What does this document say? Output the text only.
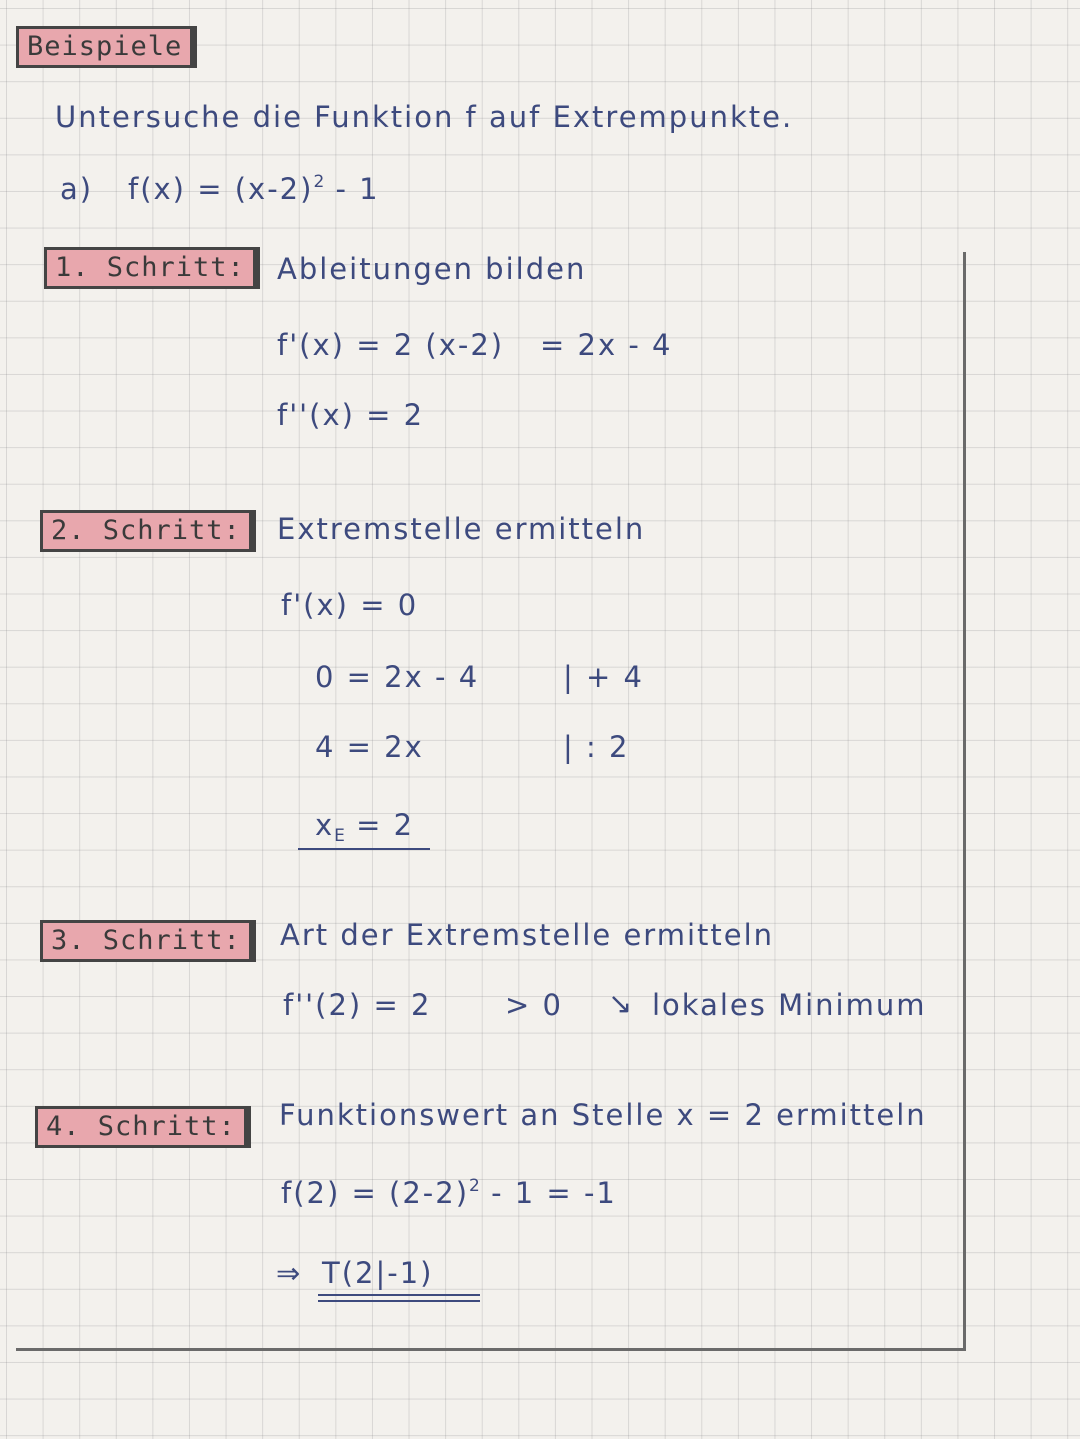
Beispiele
Untersuche die Funktion f auf Extrempunkte.
a) $f(x) = (x-2)^2 - 1$
1. Schritt:	Ableitungen bilden
f'(x) = 2 (x-2) = 2x - 4
f''(x) = 2
2. Schritt:	Extremstelle ermitteln
f'(x) = 0
0 = 2x - 4	| + 4
4 = 2x	| : 2
$x_E = 2$
3. Schritt:	Art der Extremstelle ermitteln
f''(2) = 2	> 0 ↘ lokales Minimum
4. Schritt:	Funktionswert an Stelle x = 2 ermitteln
$f(2) = (2-2)^2 - 1 = -1$
⇒ T(2|-1)
